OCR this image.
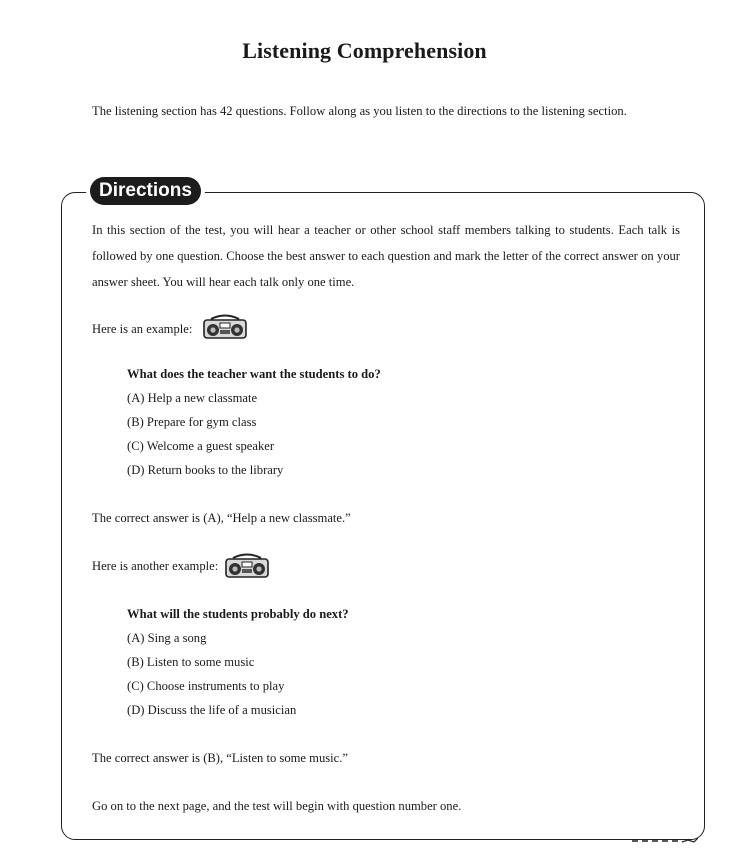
Listening Comprehension
The listening section has 42 questions. Follow along as you listen to the directions to the listening section.
Directions
In this section of the test, you will hear a teacher or other school staff members talking to students. Each talk is followed by one question. Choose the best answer to each question and mark the letter of the correct answer on your answer sheet. You will hear each talk only one time.
Here is an example:
What does the teacher want the students to do?
(A) Help a new classmate
(B) Prepare for gym class
(C) Welcome a guest speaker
(D) Return books to the library
The correct answer is (A), “Help a new classmate.”
Here is another example:
What will the students probably do next?
(A) Sing a song
(B) Listen to some music
(C) Choose instruments to play
(D) Discuss the life of a musician
The correct answer is (B), “Listen to some music.”
Go on to the next page, and the test will begin with question number one.
